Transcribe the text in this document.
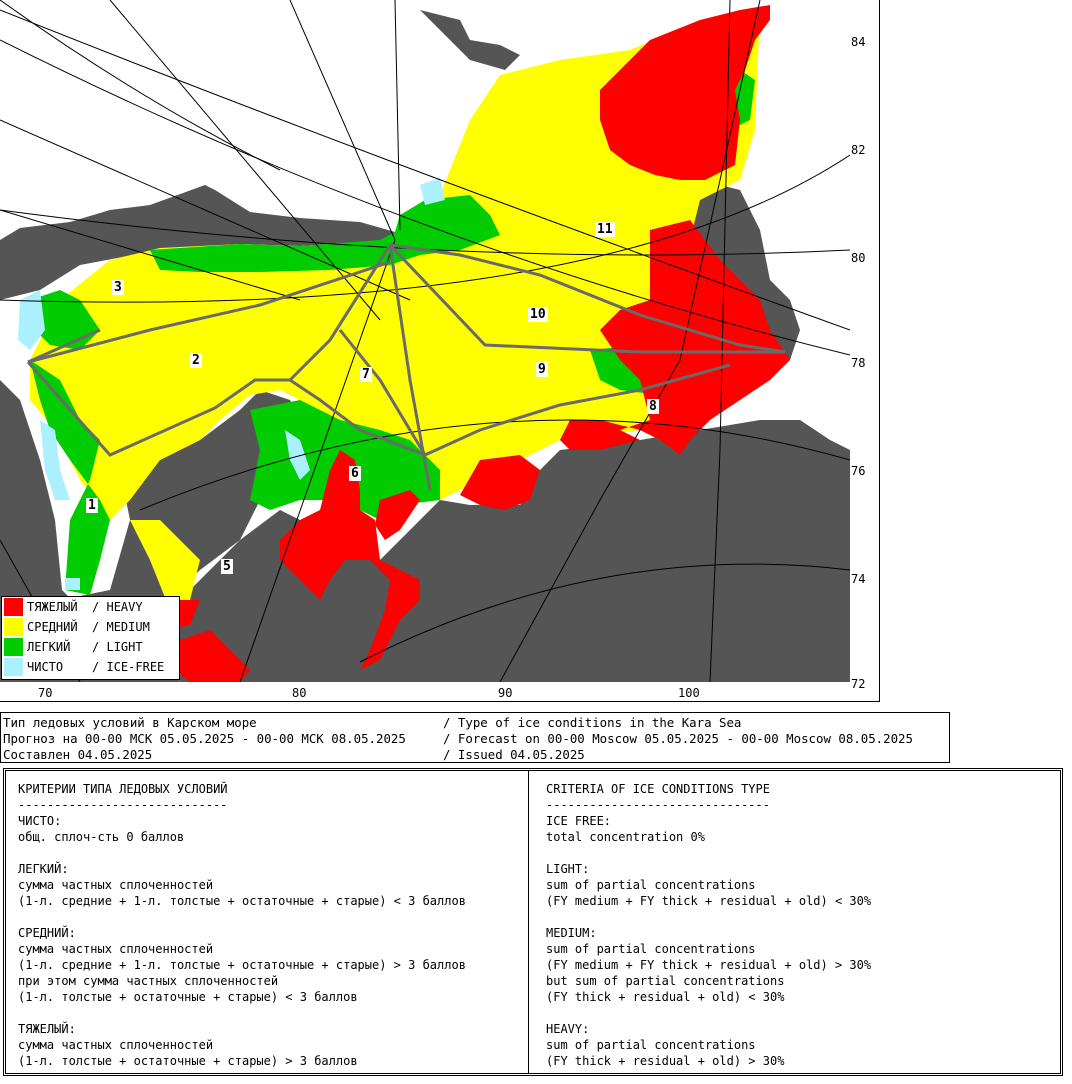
84
82
80
78
76
74
72
70	80	90	100
1
2
3
5
6
7
8
9
10
11
ТЯЖЕЛЫЙ  / HEAVY
СРЕДНИЙ  / MEDIUM
ЛЕГКИЙ   / LIGHT
ЧИСТО    / ICE-FREE
Тип ледовых условий в Карском море
Прогноз на 00-00 МСК 05.05.2025 - 00-00 МСК 08.05.2025
Составлен 04.05.2025
/ Type of ice conditions in the Kara Sea
/ Forecast on 00-00 Moscow 05.05.2025 - 00-00 Moscow 08.05.2025
/ Issued 04.05.2025
КРИТЕРИИ ТИПА ЛЕДОВЫХ УСЛОВИЙ
-----------------------------
ЧИСТО:
общ. сплоч-сть 0 баллов
ЛЕГКИЙ:
сумма частных сплоченностей
(1-л. средние + 1-л. толстые + остаточные + старые) < 3 баллов
СРЕДНИЙ:
сумма частных сплоченностей
(1-л. средние + 1-л. толстые + остаточные + старые) > 3 баллов
при этом сумма частных сплоченностей
(1-л. толстые + остаточные + старые) < 3 баллов
ТЯЖЕЛЫЙ:
сумма частных сплоченностей
(1-л. толстые + остаточные + старые) > 3 баллов
CRITERIA OF ICE CONDITIONS TYPE
-------------------------------
ICE FREE:
total concentration 0%
LIGHT:
sum of partial concentrations
(FY medium + FY thick + residual + old) < 30%
MEDIUM:
sum of partial concentrations
(FY medium + FY thick + residual + old) > 30%
but sum of partial concentrations
(FY thick + residual + old) < 30%
HEAVY:
sum of partial concentrations
(FY thick + residual + old) > 30%
